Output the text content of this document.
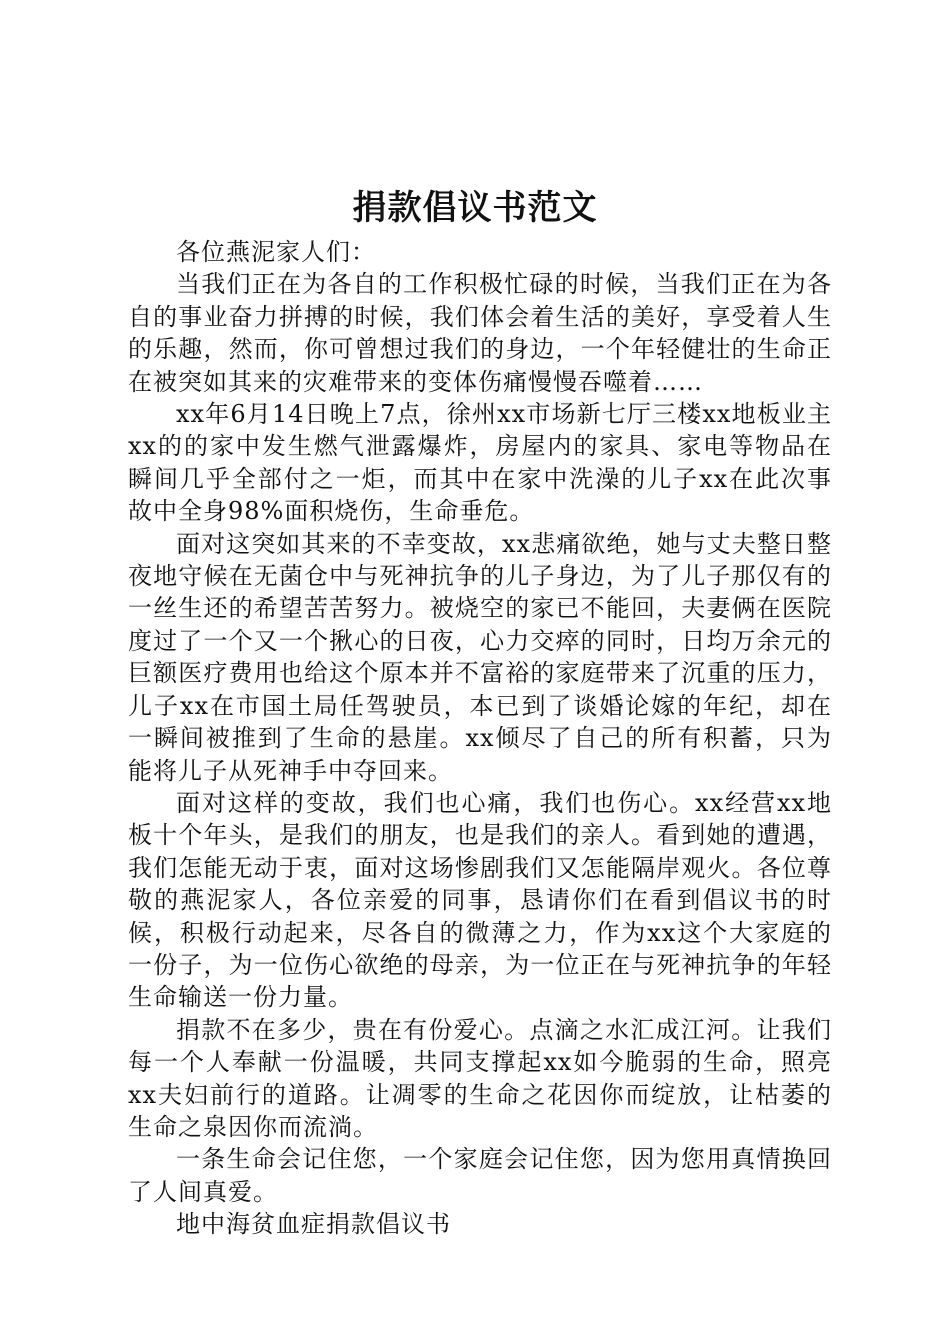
捐款倡议书范文

各位燕泥家人们：

当我们正在为各自的工作积极忙碌的时候，当我们正在为各自的事业奋力拼搏的时候，我们体会着生活的美好，享受着人生的乐趣，然而，你可曾想过我们的身边，一个年轻健壮的生命正在被突如其来的灾难带来的变体伤痛慢慢吞噬着……

xx年6月14日晚上7点，徐州xx市场新七厅三楼xx地板业主xx的的家中发生燃气泄露爆炸，房屋内的家具、家电等物品在瞬间几乎全部付之一炬，而其中在家中洗澡的儿子xx在此次事故中全身98%面积烧伤，生命垂危。

面对这突如其来的不幸变故，xx悲痛欲绝，她与丈夫整日整夜地守候在无菌仓中与死神抗争的儿子身边，为了儿子那仅有的一丝生还的希望苦苦努力。被烧空的家已不能回，夫妻俩在医院度过了一个又一个揪心的日夜，心力交瘁的同时，日均万余元的巨额医疗费用也给这个原本并不富裕的家庭带来了沉重的压力，儿子xx在市国土局任驾驶员，本已到了谈婚论嫁的年纪，却在一瞬间被推到了生命的悬崖。xx倾尽了自己的所有积蓄，只为能将儿子从死神手中夺回来。

面对这样的变故，我们也心痛，我们也伤心。xx经营xx地板十个年头，是我们的朋友，也是我们的亲人。看到她的遭遇，我们怎能无动于衷，面对这场惨剧我们又怎能隔岸观火。各位尊敬的燕泥家人，各位亲爱的同事，恳请你们在看到倡议书的时候，积极行动起来，尽各自的微薄之力，作为xx这个大家庭的一份子，为一位伤心欲绝的母亲，为一位正在与死神抗争的年轻生命输送一份力量。

捐款不在多少，贵在有份爱心。点滴之水汇成江河。让我们每一个人奉献一份温暖，共同支撑起xx如今脆弱的生命，照亮xx夫妇前行的道路。让凋零的生命之花因你而绽放，让枯萎的生命之泉因你而流淌。

一条生命会记住您，一个家庭会记住您，因为您用真情换回了人间真爱。

地中海贫血症捐款倡议书
